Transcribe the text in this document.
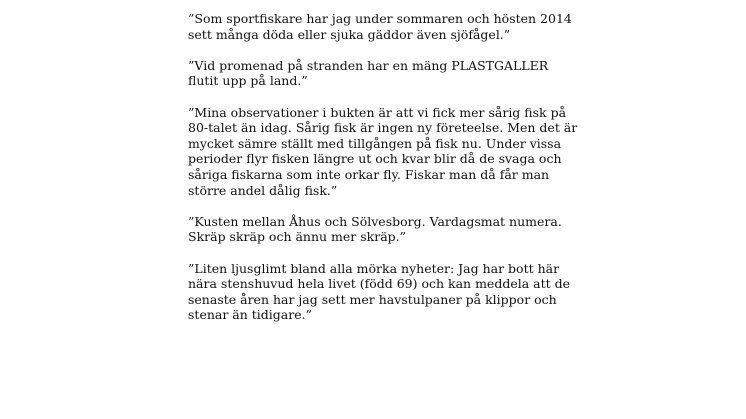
”Som sportfiskare har jag under sommaren och hösten 2014
sett många döda eller sjuka gäddor även sjöfågel.”

”Vid promenad på stranden har en mäng PLASTGALLER
flutit upp på land.”

”Mina observationer i bukten är att vi fick mer sårig fisk på
80-talet än idag. Sårig fisk är ingen ny företeelse. Men det är
mycket sämre ställt med tillgången på fisk nu. Under vissa
perioder flyr fisken längre ut och kvar blir då de svaga och
såriga fiskarna som inte orkar fly. Fiskar man då får man
större andel dålig fisk.”

”Kusten mellan Åhus och Sölvesborg. Vardagsmat numera.
Skräp skräp och ännu mer skräp.”

”Liten ljusglimt bland alla mörka nyheter: Jag har bott här
nära stenshuvud hela livet (född 69) och kan meddela att de
senaste åren har jag sett mer havstulpaner på klippor och
stenar än tidigare.”
